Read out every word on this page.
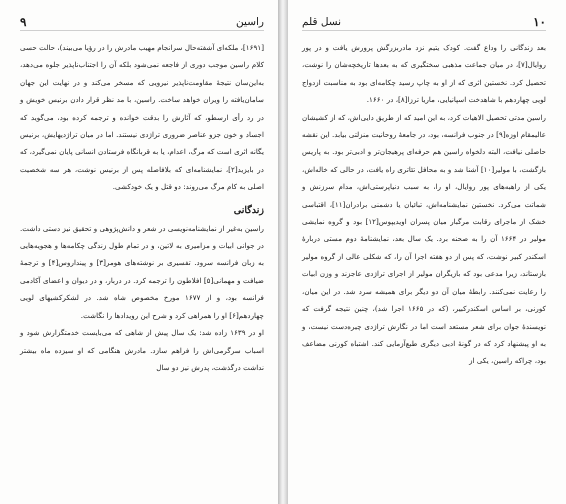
راسین
۹

[۱۶۹۱]، ملکه‌ای آشفته‌حال سرانجام مهیب مادرش را در رؤیا می‌بیند)، حالت حسی کلام راسین موجب دوری از فاجعه نمی‌شود بلکه آن را اجتناب‌ناپذیر جلوه می‌دهد، به‌این‌سان نتیجهٔ مقاومت‌ناپذیر نیرویی که مسخر می‌کند و در نهایت این جهان سامان‌یافته را ویران خواهد ساخت. راسین، با مد نظر قرار دادن برنیس خویش و در رد رأی ارسطو، که آثارش را بدقت خوانده و ترجمه کرده بود، می‌گوید که اجساد و خون جزو عناصر ضروری تراژدی نیستند. اما در میان تراژدیهایش، برنیس یگانه اثری است که مرگ، اعدام، یا به قربانگاه فرستادن انسانی پایان نمی‌گیرد، که در بایزید‌[۲]، نمایشنامه‌ای که بلافاصله پس از برنیس نوشت، هر سه شخصیت اصلی به کام مرگ می‌روند: دو قتل و یک خودکشی.

زندگانی

راسین به‌غیر از نمایشنامه‌نویسی در شعر و دانش‌پژوهی و تحقیق نیز دستی داشت. در جوانی ابیات و مزامیری به لاتین، و در تمام طول زندگی چکامه‌ها و هجویه‌هایی به زبان فرانسه سرود. تفسیری بر نوشته‌های هومر[۳] و پینداروس[۴] و ترجمهٔ ضیافت و مهمانی[۵] افلاطون را ترجمه کرد. در دربار، و در دیوان و اعضای آکادمی فرانسه بود، و از ۱۶۷۷ مورخ مخصوص شاه شد. در لشکرکشیهای لویی چهاردهم[۶] او را همراهی کرد و شرح این رویدادها را نگاشت.

او در ۱۶۳۹ زاده شد: یک سال پیش از شاهی که می‌بایست خدمتگزارش شود و اسباب سرگرمی‌اش را فراهم سازد. مادرش هنگامی که او سیزده ماه بیشتر نداشت درگذشت، پدرش نیز دو سال

۱۰
نسل قلم

بعد زندگانی را وداع گفت. کودک یتیم نزد مادربزرگش پرورش یافت و در پور روایال[۷]، در میان جماعت مذهبی سختگیری که به بعدها تاریخچه‌شان را نوشت، تحصیل کرد. نخستین اثری که از او به چاپ رسید چکامه‌ای بود به مناسبت ازدواج لویی چهاردهم با شاهدخت اسپانیایی، ماریا ترزا[۸]، در ۱۶۶۰.

راسین مدتی تحصیل الاهیات کرد، به این امید که از طریق دایی‌اش، که از کشیشان عالیمقام اوزه[۹] در جنوب فرانسه، بود، در جامعهٔ روحانیت منزلتی بیابد. این نقشه حاصلی نیافت، البته دلخواه راسین هم حرفه‌ای پرهیجان‌تر و ادبی‌تر بود. به پاریس بازگشت، با مولیر[۱۰] آشنا شد و به محافل تئاتری راه یافت، در حالی که خاله‌اش، یکی از راهبه‌های پور روایال، او را، به سبب دنیاپرستی‌اش، مدام سرزنش و شماتت می‌کرد. نخستین نمایشنامه‌اش، تبائیان یا دشمنی برادران[۱۱]، اقتباسی خشک از ماجرای رقابت مرگبار میان پسران اویدیپوس[۱۲] بود و گروه نمایشی مولیر در ۱۶۶۴ آن را به صحنه برد. یک سال بعد، نمایشنامهٔ دوم مستی دربارهٔ اسکندر کبیر نوشت، که پس از دو هفته اجرا آن را، که شکلی عالی از گروه مولیر بازستاند، زیرا مدعی بود که بازیگران مولیر از اجرای تراژدی عاجزند و وزن ابیات را رعایت نمی‌کنند. رابطهٔ میان آن دو دیگر برای همیشه سرد شد. در این میان، کورنی، بر اساس اسکندرکبیر، (که در ۱۶۶۵ اجرا شد)، چنین نتیجه گرفت که نویسندهٔ جوان برای شعر مستعد است اما در نگارش تراژدی چیره‌دست نیست، و به او پیشنهاد کرد که در گونهٔ ادبی دیگری طبع‌آزمایی کند. اشتباه کورنی مضاعف بود، چراکه راسین، یکی از
